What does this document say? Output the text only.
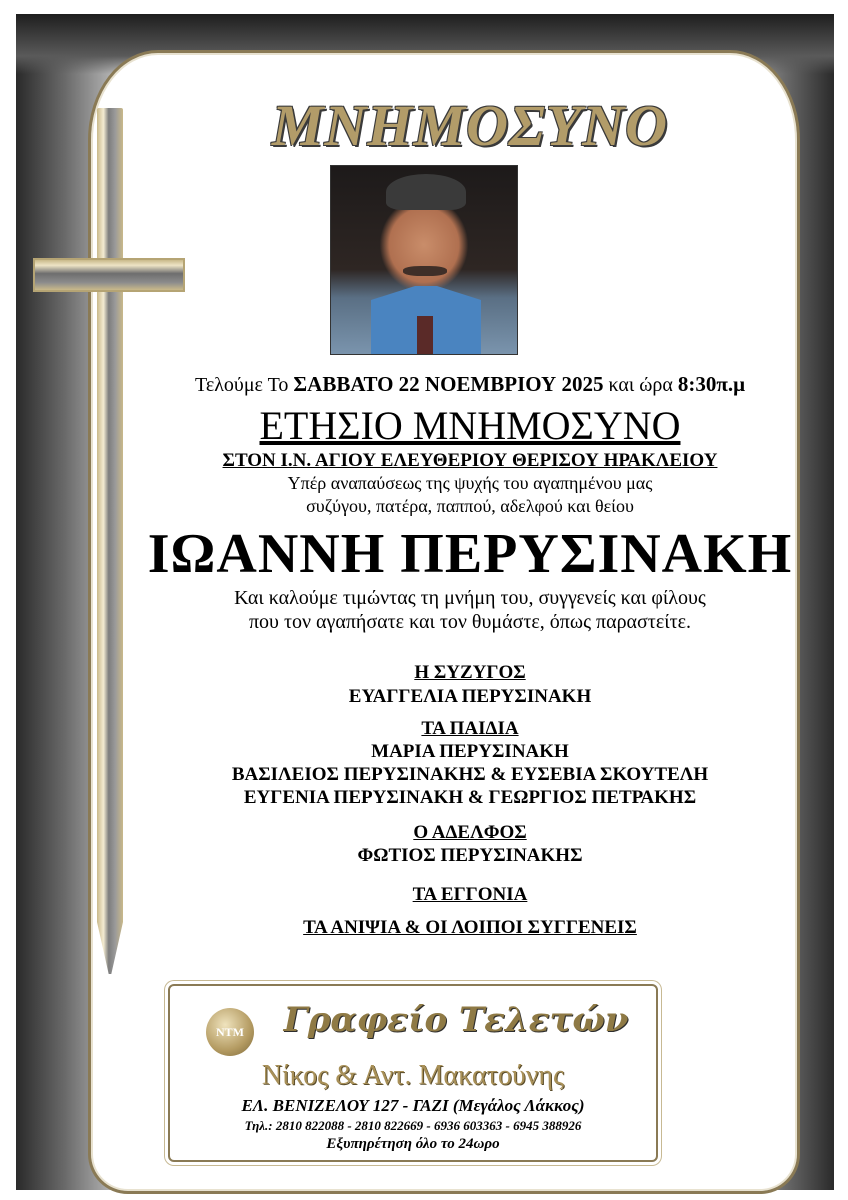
ΜΝΗΜΟΣΥΝΟ
Τελούμε Το ΣΑΒΒΑΤΟ 22 ΝΟΕΜΒΡΙΟΥ 2025 και ώρα 8:30π.μ
ΕΤΗΣΙΟ ΜΝΗΜΟΣΥΝΟ
ΣΤΟΝ Ι.Ν. ΑΓΙΟΥ ΕΛΕΥΘΕΡΙΟΥ ΘΕΡΙΣΟΥ ΗΡΑΚΛΕΙΟΥ
Υπέρ αναπαύσεως της ψυχής του αγαπημένου μας
συζύγου, πατέρα, παππού, αδελφού και θείου
ΙΩΑΝΝΗ ΠΕΡΥΣΙΝΑΚΗ
Και καλούμε τιμώντας τη μνήμη του, συγγενείς και φίλους
που τον αγαπήσατε και τον θυμάστε, όπως παραστείτε.
Η ΣΥΖΥΓΟΣ
ΕΥΑΓΓΕΛΙΑ ΠΕΡΥΣΙΝΑΚΗ
ΤΑ ΠΑΙΔΙΑ
ΜΑΡΙΑ ΠΕΡΥΣΙΝΑΚΗ
ΒΑΣΙΛΕΙΟΣ ΠΕΡΥΣΙΝΑΚΗΣ & ΕΥΣΕΒΙΑ ΣΚΟΥΤΕΛΗ
ΕΥΓΕΝΙΑ ΠΕΡΥΣΙΝΑΚΗ & ΓΕΩΡΓΙΟΣ ΠΕΤΡΑΚΗΣ
Ο ΑΔΕΛΦΟΣ
ΦΩΤΙΟΣ ΠΕΡΥΣΙΝΑΚΗΣ
ΤΑ ΕΓΓΟΝΙΑ
ΤΑ ΑΝΙΨΙΑ & ΟΙ ΛΟΙΠΟΙ ΣΥΓΓΕΝΕΙΣ
ΝΤΜ	Γραφείο Τελετών
Νίκος & Αντ. Μακατούνης
ΕΛ. ΒΕΝΙΖΕΛΟΥ 127 - ΓΑΖΙ (Μεγάλος Λάκκος)
Τηλ.: 2810 822088 - 2810 822669 - 6936 603363 - 6945 388926
Εξυπηρέτηση όλο το 24ωρο
